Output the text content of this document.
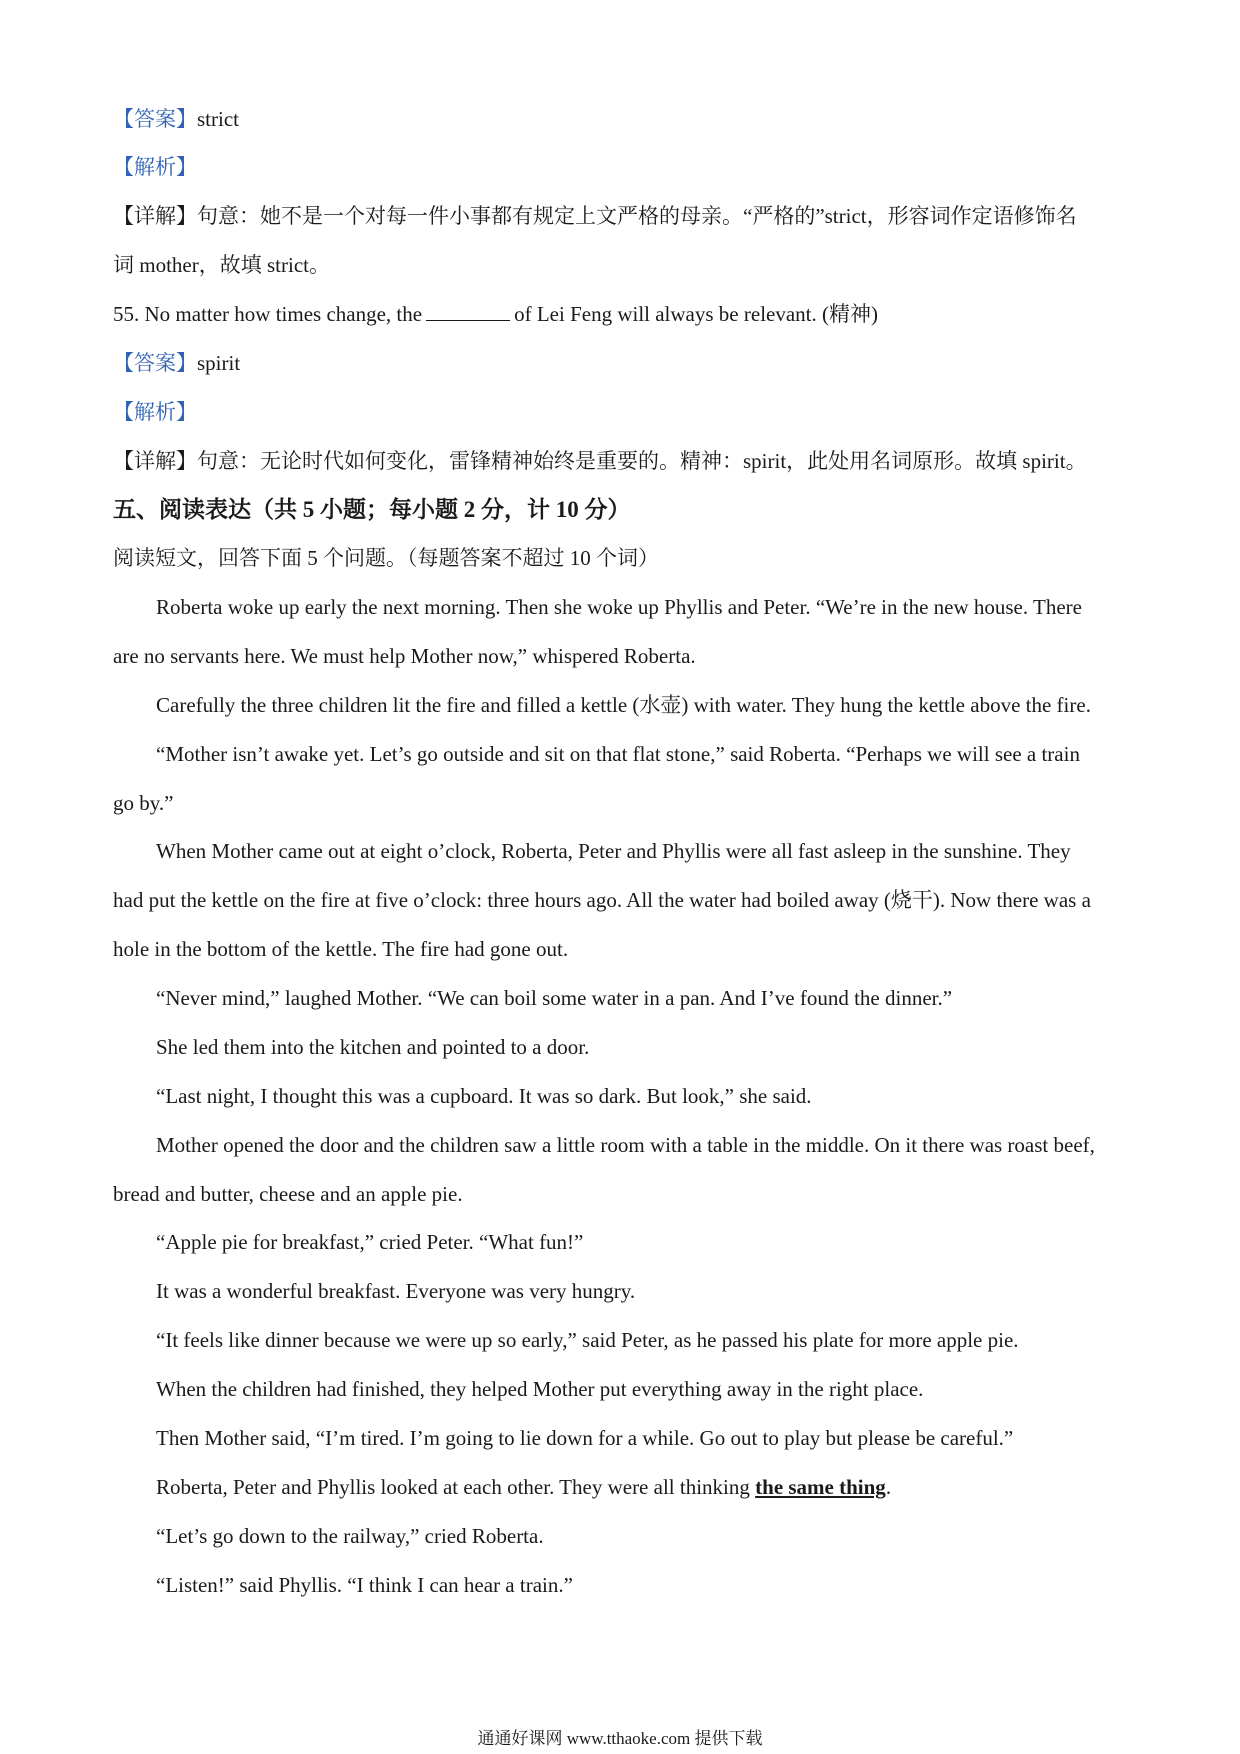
【答案】strict
【解析】
【详解】句意：她不是一个对每一件小事都有规定上文严格的母亲。“严格的”strict，形容词作定语修饰名
词 mother，故填 strict。
55. No matter how times change, the	of Lei Feng will always be relevant. (精神)
【答案】spirit
【解析】
【详解】句意：无论时代如何变化，雷锋精神始终是重要的。精神：spirit，此处用名词原形。故填 spirit。
五、阅读表达（共 5 小题；每小题 2 分，计 10 分）
阅读短文，回答下面 5 个问题。（每题答案不超过 10 个词）
Roberta woke up early the next morning. Then she woke up Phyllis and Peter. “We’re in the new house. There
are no servants here. We must help Mother now,” whispered Roberta.
Carefully the three children lit the fire and filled a kettle (水壶) with water. They hung the kettle above the fire.
“Mother isn’t awake yet. Let’s go outside and sit on that flat stone,” said Roberta. “Perhaps we will see a train
go by.”
When Mother came out at eight o’clock, Roberta, Peter and Phyllis were all fast asleep in the sunshine. They
had put the kettle on the fire at five o’clock: three hours ago. All the water had boiled away (烧干). Now there was a
hole in the bottom of the kettle. The fire had gone out.
“Never mind,” laughed Mother. “We can boil some water in a pan. And I’ve found the dinner.”
She led them into the kitchen and pointed to a door.
“Last night, I thought this was a cupboard. It was so dark. But look,” she said.
Mother opened the door and the children saw a little room with a table in the middle. On it there was roast beef,
bread and butter, cheese and an apple pie.
“Apple pie for breakfast,” cried Peter. “What fun!”
It was a wonderful breakfast. Everyone was very hungry.
“It feels like dinner because we were up so early,” said Peter, as he passed his plate for more apple pie.
When the children had finished, they helped Mother put everything away in the right place.
Then Mother said, “I’m tired. I’m going to lie down for a while. Go out to play but please be careful.”
Roberta, Peter and Phyllis looked at each other. They were all thinking the same thing.
“Let’s go down to the railway,” cried Roberta.
“Listen!” said Phyllis. “I think I can hear a train.”
通通好课网 www.tthaoke.com 提供下载
